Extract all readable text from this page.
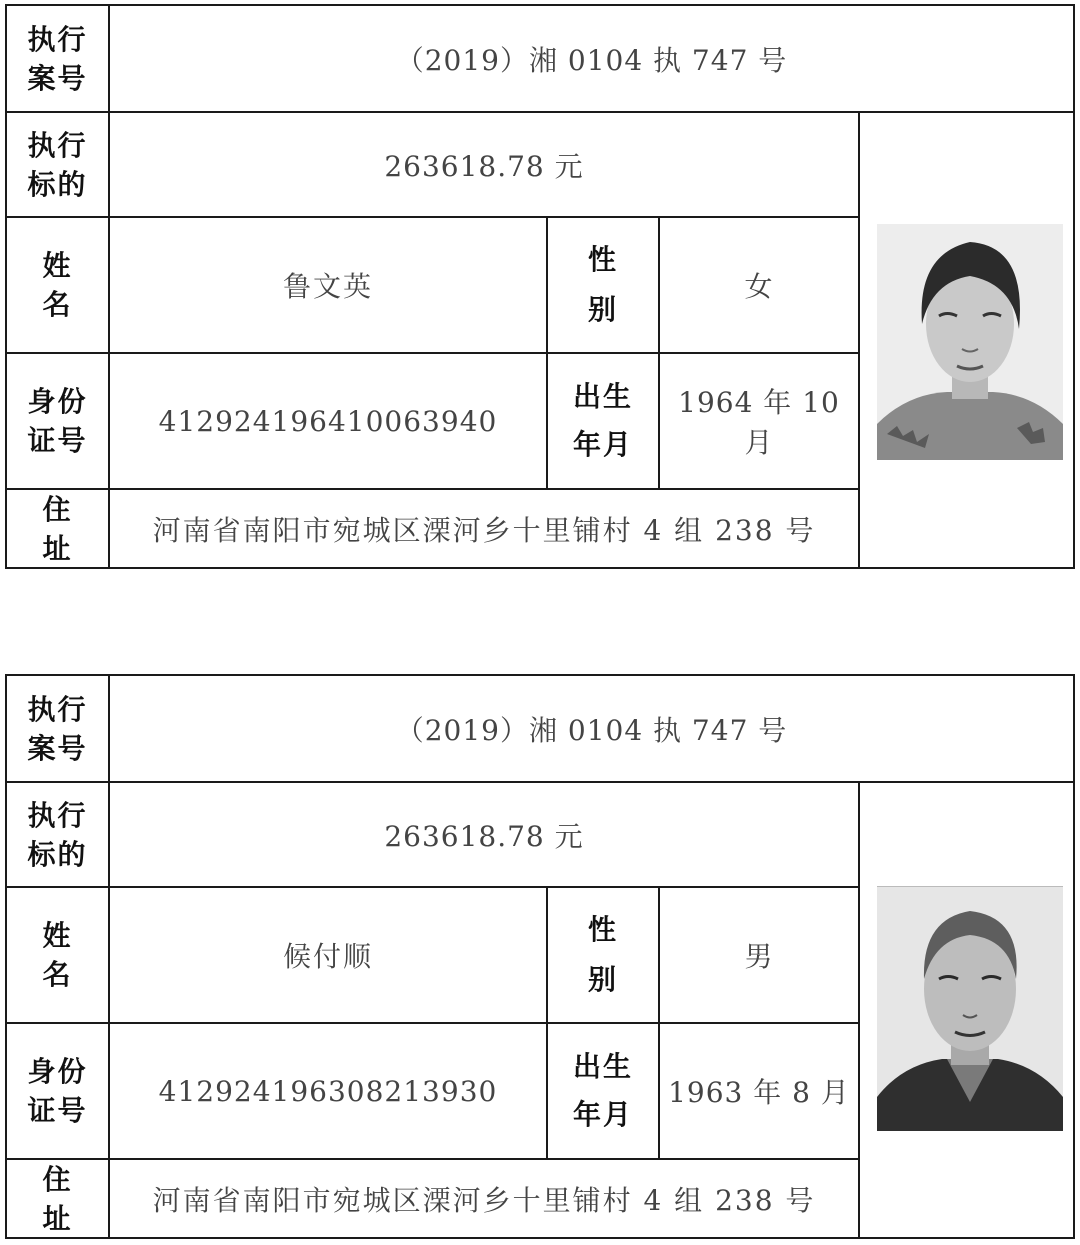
执行
案号
（2019）湘 0104 执 747 号
执行
标的
263618.78 元
姓
名
鲁文英
性
别
女
身份
证号
412924196410063940
出生
年月
1964 年 10 月
住
址
河南省南阳市宛城区溧河乡十里铺村 4 组 238 号
执行
案号
（2019）湘 0104 执 747 号
执行
标的
263618.78 元
姓
名
候付顺
性
别
男
身份
证号
412924196308213930
出生
年月
1963 年 8 月
住
址
河南省南阳市宛城区溧河乡十里铺村 4 组 238 号
